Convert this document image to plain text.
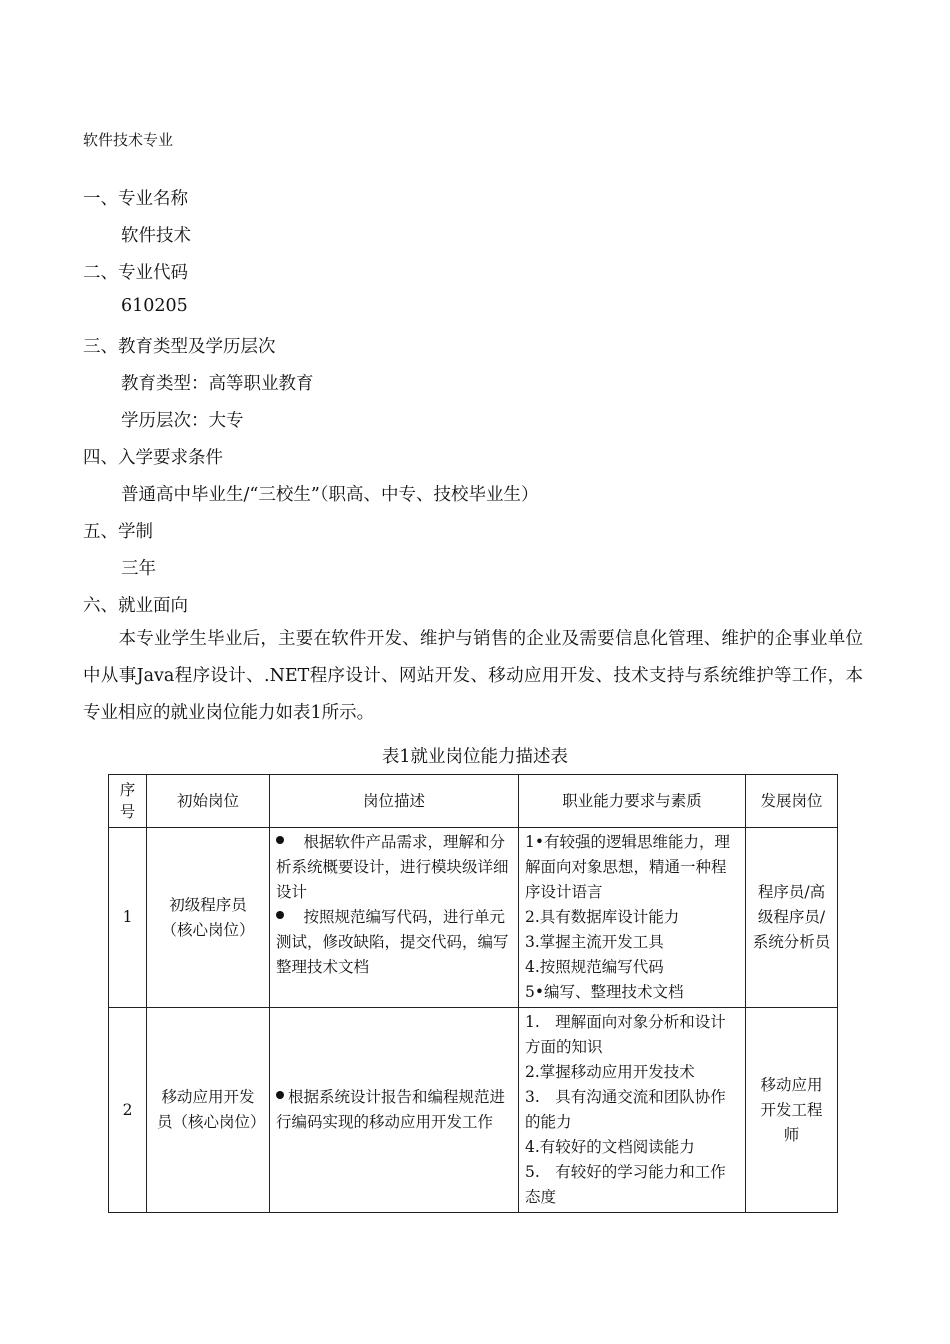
软件技术专业
一、专业名称
软件技术
二、专业代码
610205
三、教育类型及学历层次
教育类型：高等职业教育
学历层次：大专
四、入学要求条件
普通高中毕业生/“三校生”（职高、中专、技校毕业生）
五、学制
三年
六、就业面向
　　本专业学生毕业后，主要在软件开发、维护与销售的企业及需要信息化管理、维护的企事业单位中从事Java程序设计、.NET程序设计、网站开发、移动应用开发、技术支持与系统维护等工作，本专业相应的就业岗位能力如表1所示。
表1就业岗位能力描述表
序号	初始岗位	岗位描述	职业能力要求与素质	发展岗位
1	初级程序员（核心岗位）	　根据软件产品需求，理解和分析系统概要设计，进行模块级详细设计
　按照规范编写代码，进行单元测试，修改缺陷，提交代码，编写整理技术文档	1•有较强的逻辑思维能力，理解面向对象思想，精通一种程序设计语言
2.具有数据库设计能力
3.掌握主流开发工具
4.按照规范编写代码
5•编写、整理技术文档	程序员/高级程序员/系统分析员
2	移动应用开发员（核心岗位）	根据系统设计报告和编程规范进行编码实现的移动应用开发工作	1.　理解面向对象分析和设计方面的知识
2.掌握移动应用开发技术
3.　具有沟通交流和团队协作的能力
4.有较好的文档阅读能力
5.　有较好的学习能力和工作态度	移动应用开发工程师
